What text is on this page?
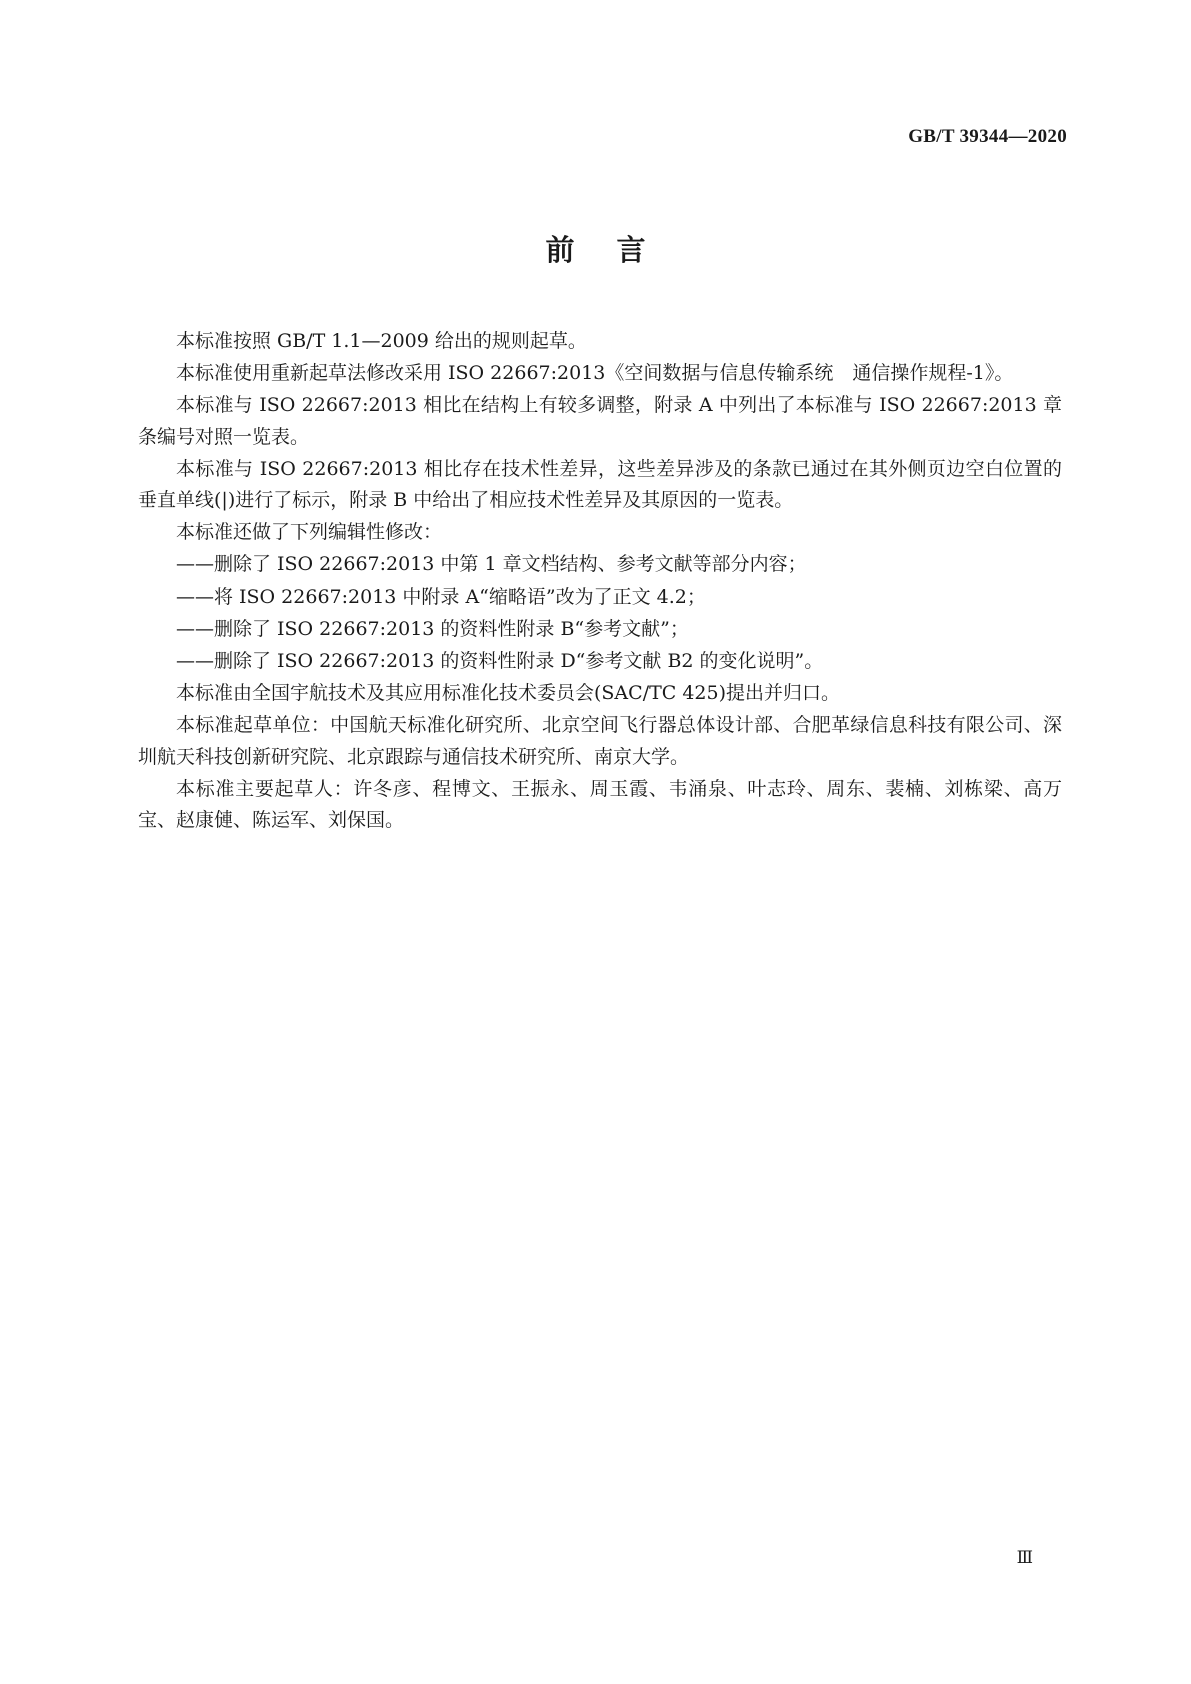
GB/T 39344—2020
前言

本标准按照 GB/T 1.1—2009 给出的规则起草。

本标准使用重新起草法修改采用 ISO 22667:2013《空间数据与信息传输系统　通信操作规程-1》。

本标准与 ISO 22667:2013 相比在结构上有较多调整，附录 A 中列出了本标准与 ISO 22667:2013 章条编号对照一览表。

本标准与 ISO 22667:2013 相比存在技术性差异，这些差异涉及的条款已通过在其外侧页边空白位置的垂直单线(|)进行了标示，附录 B 中给出了相应技术性差异及其原因的一览表。

本标准还做了下列编辑性修改：

——删除了 ISO 22667:2013 中第 1 章文档结构、参考文献等部分内容；

——将 ISO 22667:2013 中附录 A“缩略语”改为了正文 4.2；

——删除了 ISO 22667:2013 的资料性附录 B“参考文献”；

——删除了 ISO 22667:2013 的资料性附录 D“参考文献 B2 的变化说明”。

本标准由全国宇航技术及其应用标准化技术委员会(SAC/TC 425)提出并归口。

本标准起草单位：中国航天标准化研究所、北京空间飞行器总体设计部、合肥革绿信息科技有限公司、深圳航天科技创新研究院、北京跟踪与通信技术研究所、南京大学。

本标准主要起草人：许冬彦、程博文、王振永、周玉霞、韦涌泉、叶志玲、周东、裴楠、刘栋梁、高万宝、赵康僆、陈运军、刘保国。

Ⅲ
